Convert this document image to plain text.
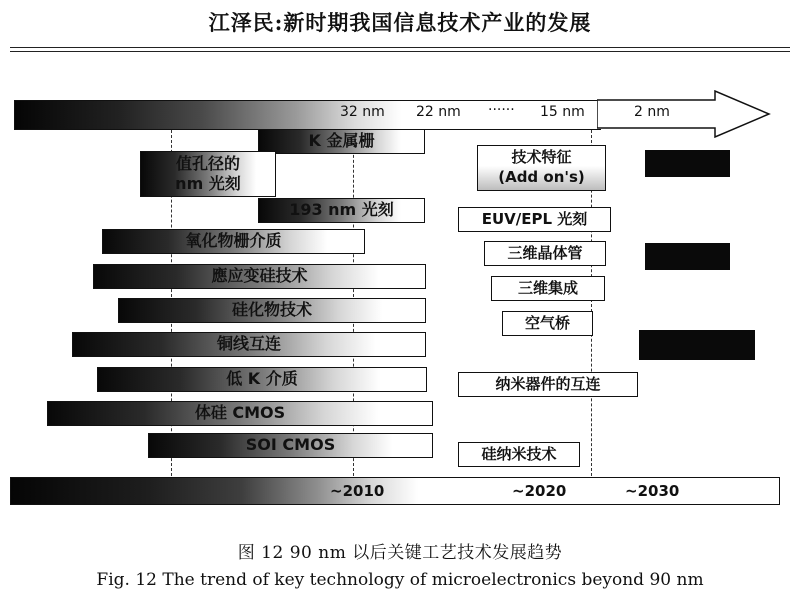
江泽民:新时期我国信息技术产业的发展
32 nm 22 nm ······ 15 nm	2 nm
K 金属栅
值孔径的
nm 光刻
193 nm 光刻
氧化物栅介质
應应变硅技术
硅化物技术
铜线互连
低 K 介质
体硅 CMOS
SOI CMOS
技术特征
(Add on's)
EUV/EPL 光刻
三维晶体管
三维集成
空气桥
纳米器件的互连
硅纳米技术
~2010	~2020	~2030
图 12 90 nm 以后关键工艺技术发展趋势
Fig. 12 The trend of key technology of microelectronics beyond 90 nm
